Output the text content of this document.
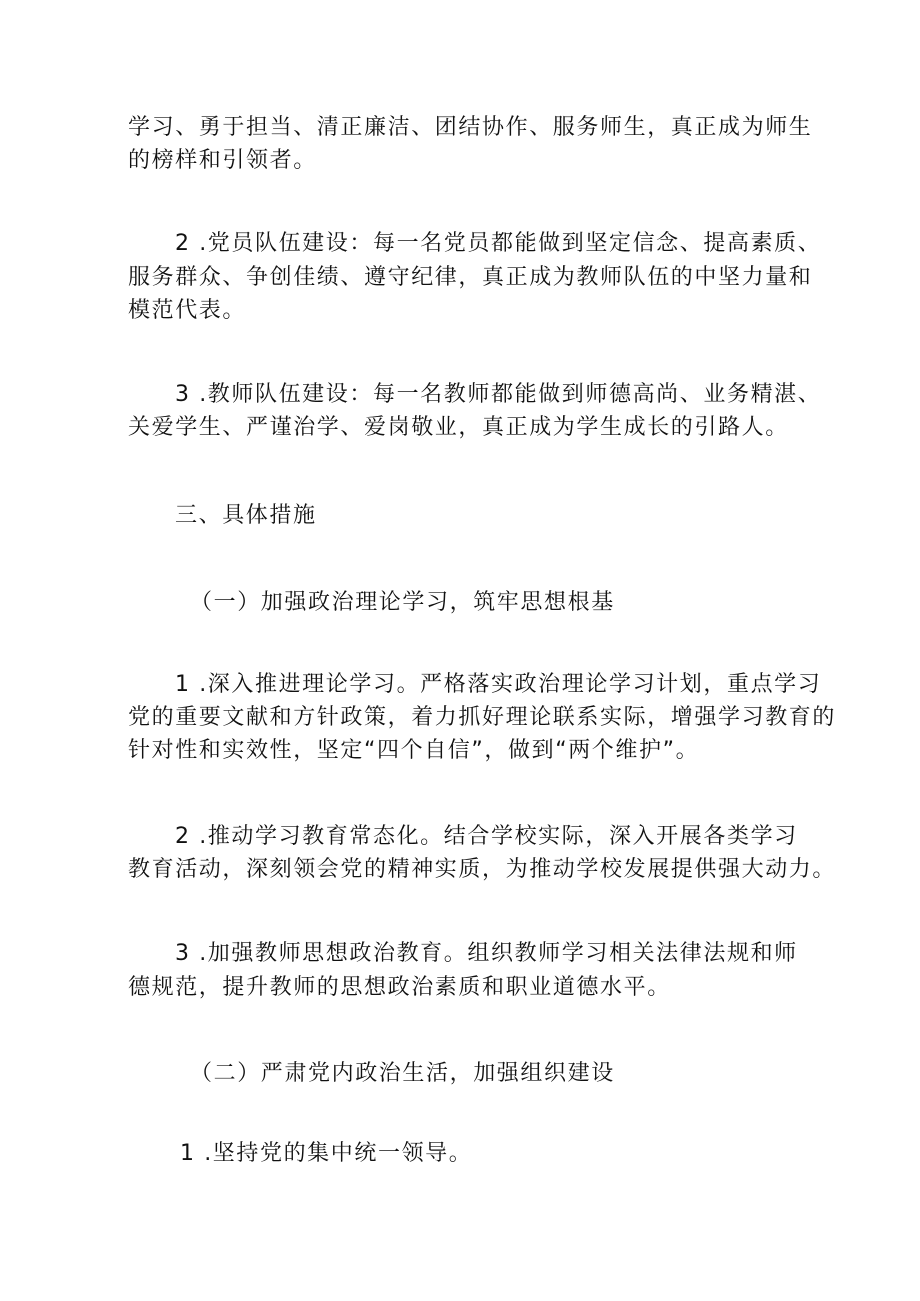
学习、勇于担当、清正廉洁、团结协作、服务师生，真正成为师生
的榜样和引领者。
2 .党员队伍建设：每一名党员都能做到坚定信念、提高素质、
服务群众、争创佳绩、遵守纪律，真正成为教师队伍的中坚力量和
模范代表。
3 .教师队伍建设：每一名教师都能做到师德高尚、业务精湛、
关爱学生、严谨治学、爱岗敬业，真正成为学生成长的引路人。
三、具体措施
（一）加强政治理论学习，筑牢思想根基
1 .深入推进理论学习。严格落实政治理论学习计划，重点学习
党的重要文献和方针政策，着力抓好理论联系实际，增强学习教育的
针对性和实效性，坚定“四个自信”，做到“两个维护”。
2 .推动学习教育常态化。结合学校实际，深入开展各类学习
教育活动，深刻领会党的精神实质，为推动学校发展提供强大动力。
3 .加强教师思想政治教育。组织教师学习相关法律法规和师
德规范，提升教师的思想政治素质和职业道德水平。
（二）严肃党内政治生活，加强组织建设
1 .坚持党的集中统一领导。
